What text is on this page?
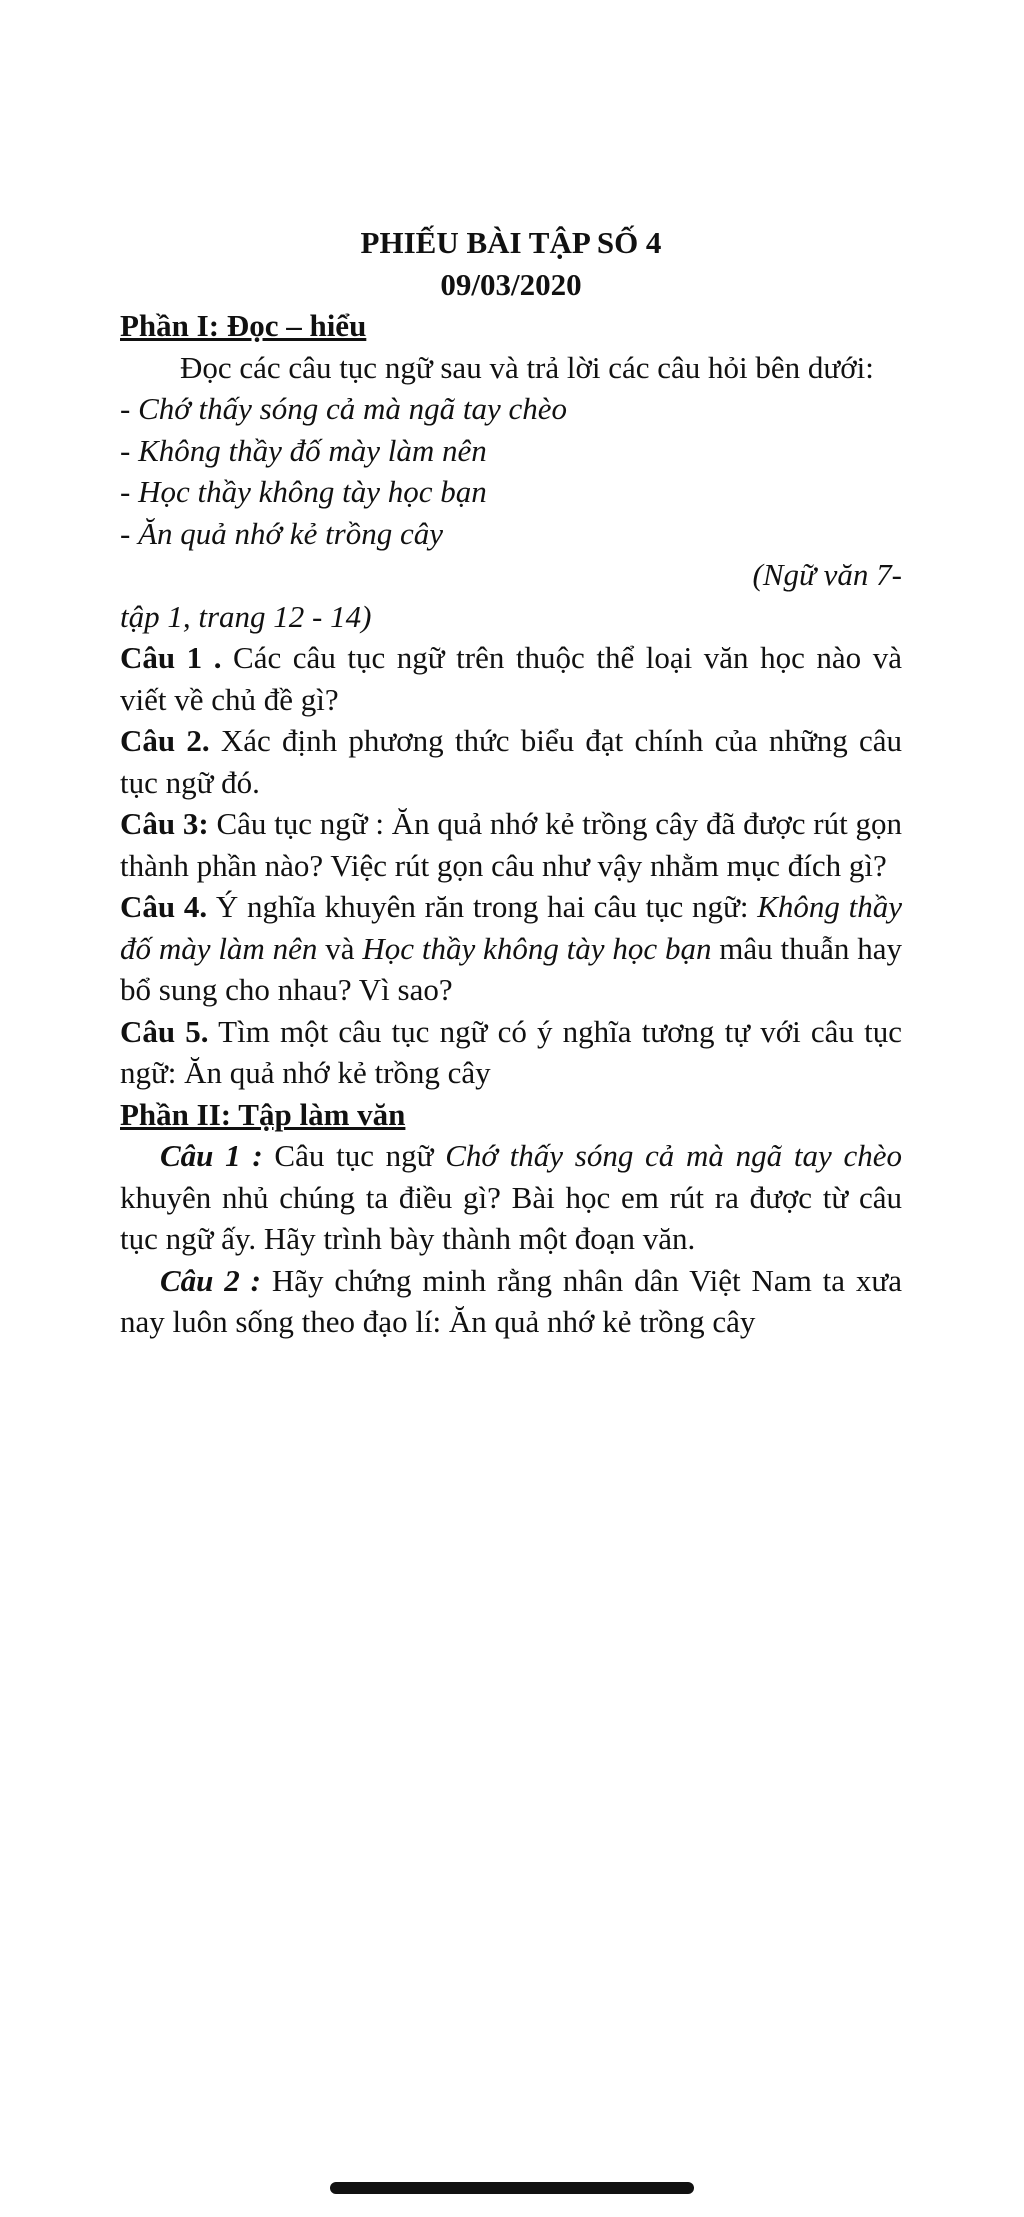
PHIẾU BÀI TẬP SỐ 4

09/03/2020

Phần I: Đọc – hiểu

Đọc các câu tục ngữ sau và trả lời các câu hỏi bên dưới:

- Chớ thấy sóng cả mà ngã tay chèo

- Không thầy đố mày làm nên

- Học thầy không tày học bạn

- Ăn quả nhớ kẻ trồng cây

(Ngữ văn 7-

tập 1, trang 12 - 14)

Câu 1 . Các câu tục ngữ trên thuộc thể loại văn học nào và viết về chủ đề gì?

Câu 2. Xác định phương thức biểu đạt chính của những câu tục ngữ đó.

Câu 3: Câu tục ngữ : Ăn quả nhớ kẻ trồng cây đã được rút gọn thành phần nào? Việc rút gọn câu như vậy nhằm mục đích gì?

Câu 4. Ý nghĩa khuyên răn trong hai câu tục ngữ: Không thầy đố mày làm nên và Học thầy không tày học bạn mâu thuẫn hay bổ sung cho nhau? Vì sao?

Câu 5. Tìm một câu tục ngữ có ý nghĩa tương tự với câu tục ngữ: Ăn quả nhớ kẻ trồng cây

Phần II: Tập làm văn

Câu 1 : Câu tục ngữ Chớ thấy sóng cả mà ngã tay chèo khuyên nhủ chúng ta điều gì? Bài học em rút ra được từ câu tục ngữ ấy. Hãy trình bày thành một đoạn văn.

Câu 2 : Hãy chứng minh rằng nhân dân Việt Nam ta xưa nay luôn sống theo đạo lí: Ăn quả nhớ kẻ trồng cây
